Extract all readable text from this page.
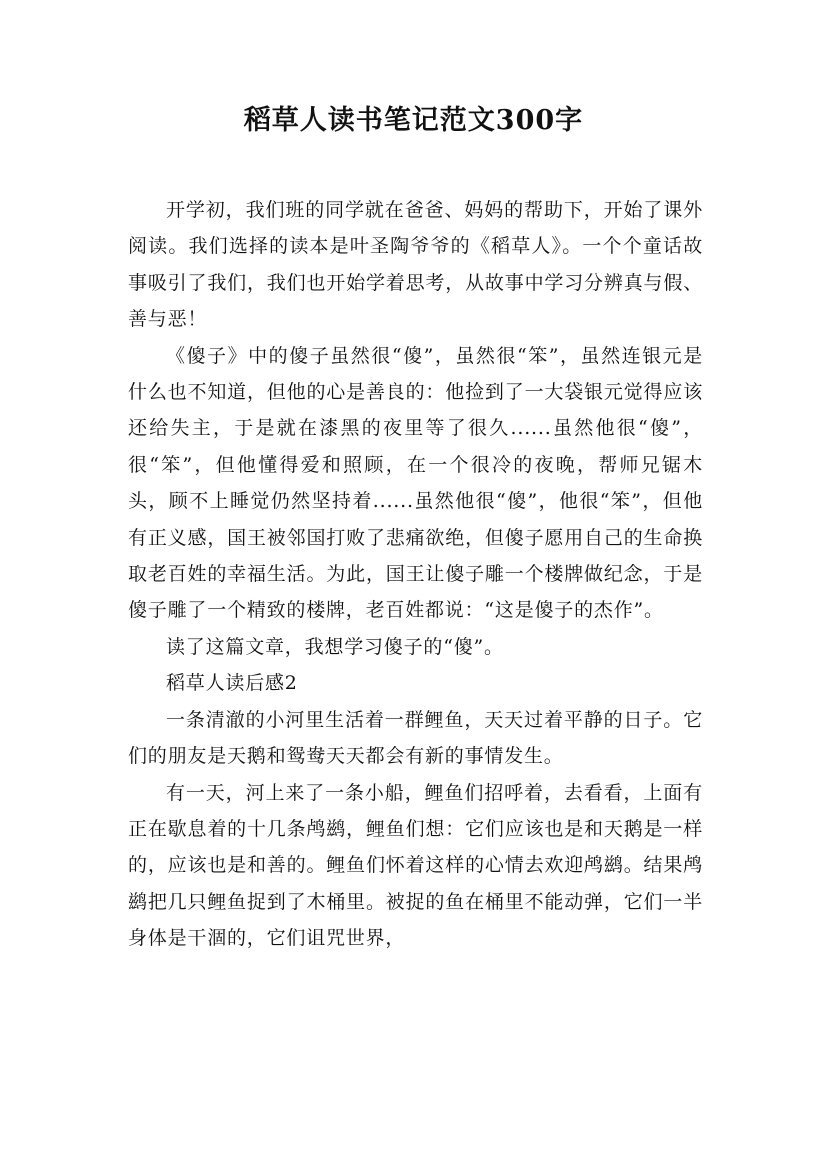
稻草人读书笔记范文300字

开学初，我们班的同学就在爸爸、妈妈的帮助下，开始了课外阅读。我们选择的读本是叶圣陶爷爷的《稻草人》。一个个童话故事吸引了我们，我们也开始学着思考，从故事中学习分辨真与假、善与恶！

《傻子》中的傻子虽然很“傻”，虽然很“笨”，虽然连银元是什么也不知道，但他的心是善良的：他捡到了一大袋银元觉得应该还给失主，于是就在漆黑的夜里等了很久......虽然他很“傻”，很“笨”，但他懂得爱和照顾，在一个很冷的夜晚，帮师兄锯木头，顾不上睡觉仍然坚持着......虽然他很“傻”，他很“笨”，但他有正义感，国王被邻国打败了悲痛欲绝，但傻子愿用自己的生命换取老百姓的幸福生活。为此，国王让傻子雕一个楼牌做纪念，于是傻子雕了一个精致的楼牌，老百姓都说：“这是傻子的杰作”。

读了这篇文章，我想学习傻子的“傻”。

稻草人读后感2

一条清澈的小河里生活着一群鲤鱼，天天过着平静的日子。它们的朋友是天鹅和鸳鸯天天都会有新的事情发生。

有一天，河上来了一条小船，鲤鱼们招呼着，去看看，上面有正在歇息着的十几条鸬鹚，鲤鱼们想：它们应该也是和天鹅是一样的，应该也是和善的。鲤鱼们怀着这样的心情去欢迎鸬鹚。结果鸬鹚把几只鲤鱼捉到了木桶里。被捉的鱼在桶里不能动弹，它们一半身体是干涸的，它们诅咒世界，
